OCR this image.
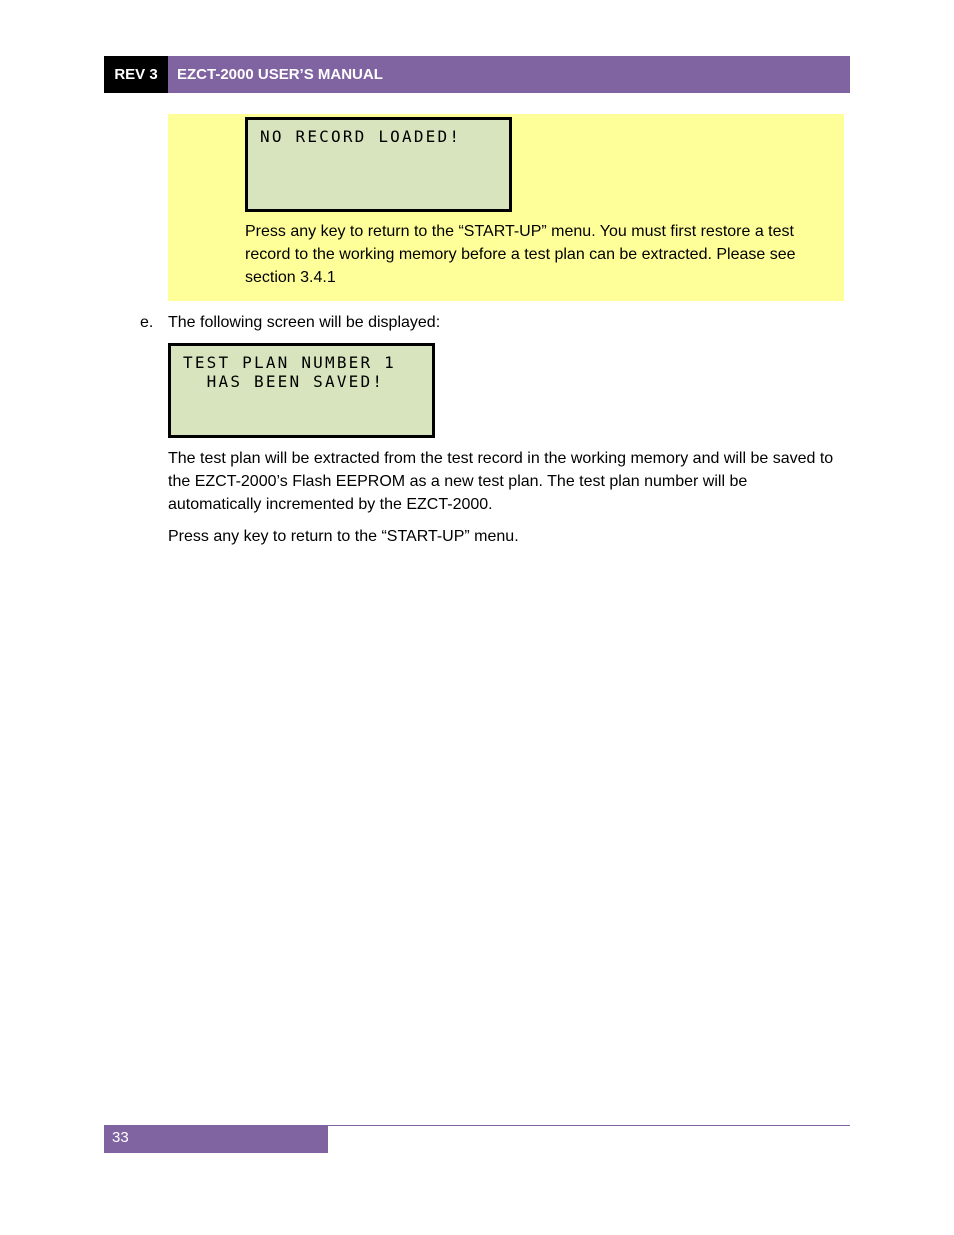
REV 3	EZCT-2000 USER’S MANUAL
NO RECORD LOADED!
Press any key to return to the “START-UP” menu. You must first restore a test record to the working memory before a test plan can be extracted. Please see section 3.4.1
e. The following screen will be displayed:
TEST PLAN NUMBER 1
HAS BEEN SAVED!
The test plan will be extracted from the test record in the working memory and will be saved to the EZCT-2000’s Flash EEPROM as a new test plan. The test plan number will be automatically incremented by the EZCT-2000.
Press any key to return to the “START-UP” menu.
33
